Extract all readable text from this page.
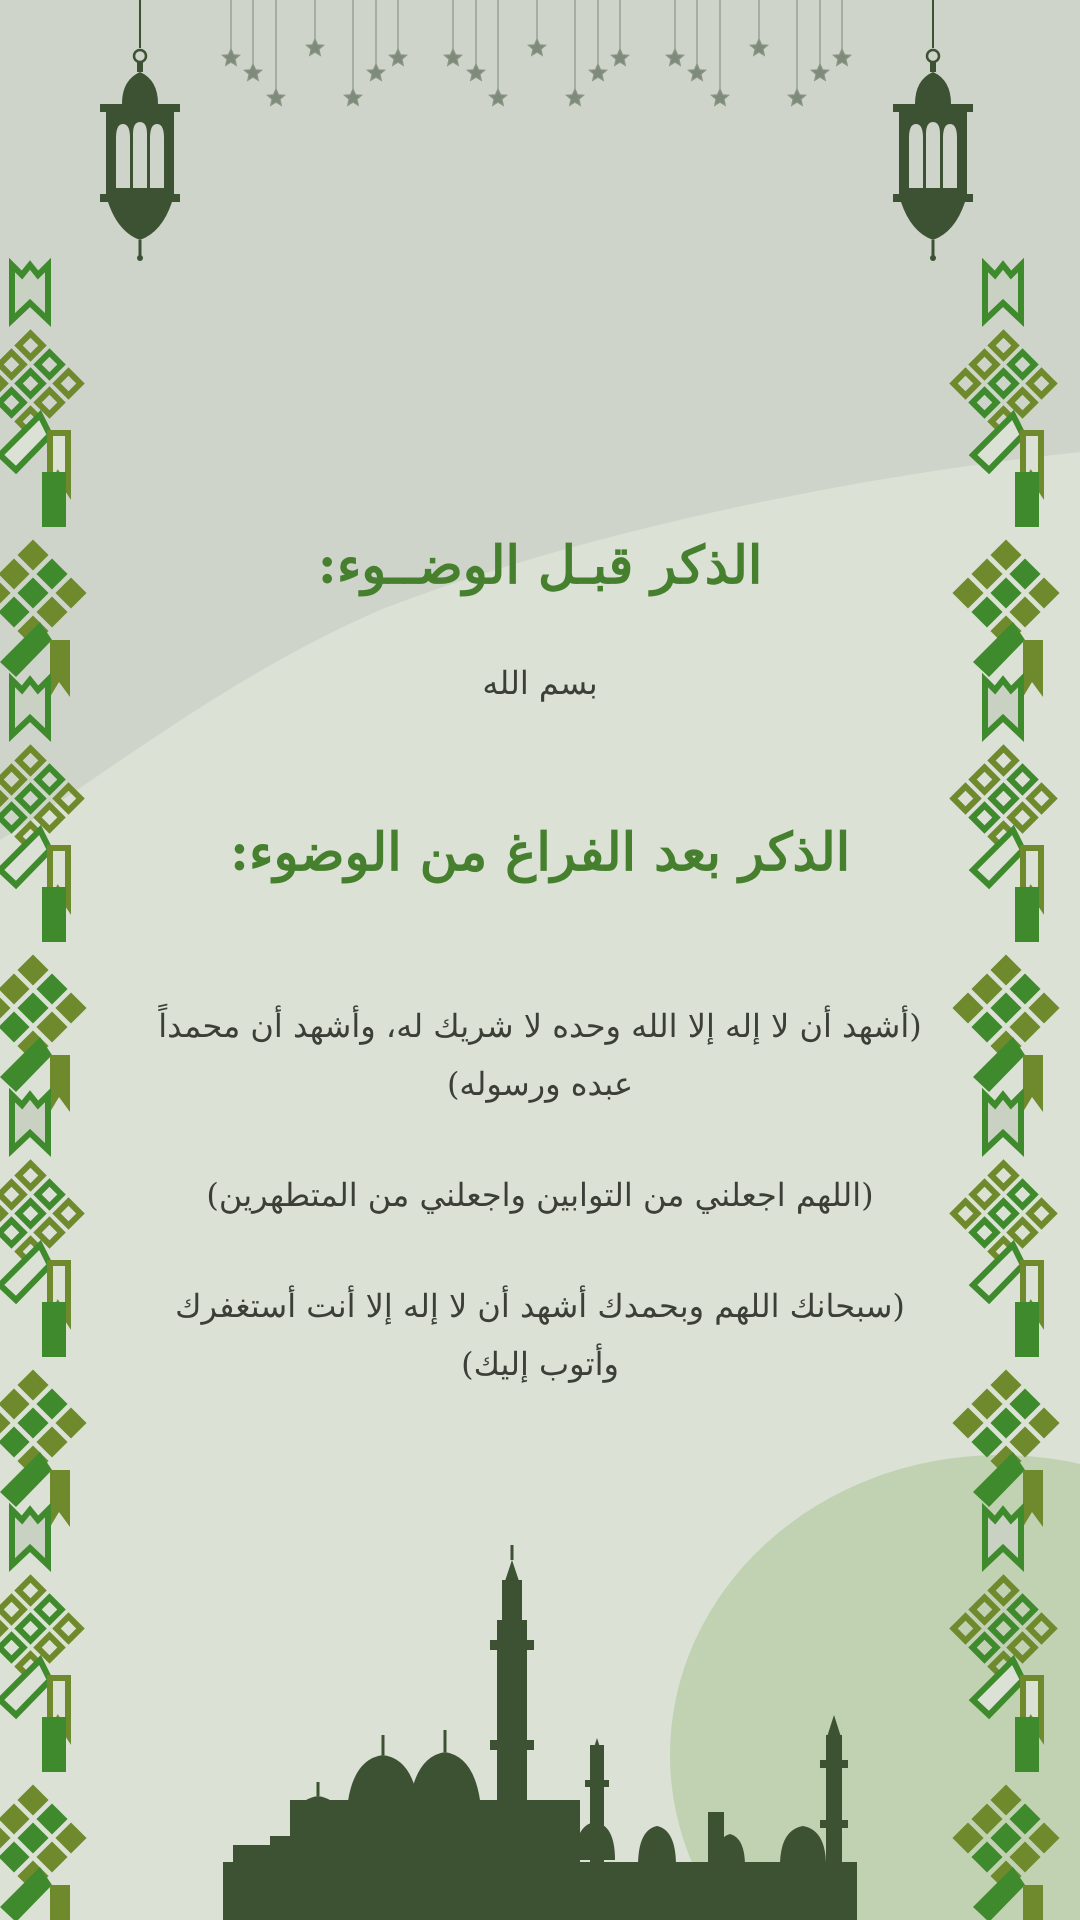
الذكر قبـل الوضــوء:

بسم الله

الذكر بعد الفراغ من الوضوء:

(أشهد أن لا إله إلا الله وحده لا شريك له، وأشهد أن محمداً عبده ورسوله)

(اللهم اجعلني من التوابين واجعلني من المتطهرين)

(سبحانك اللهم وبحمدك أشهد أن لا إله إلا أنت أستغفرك وأتوب إليك)
